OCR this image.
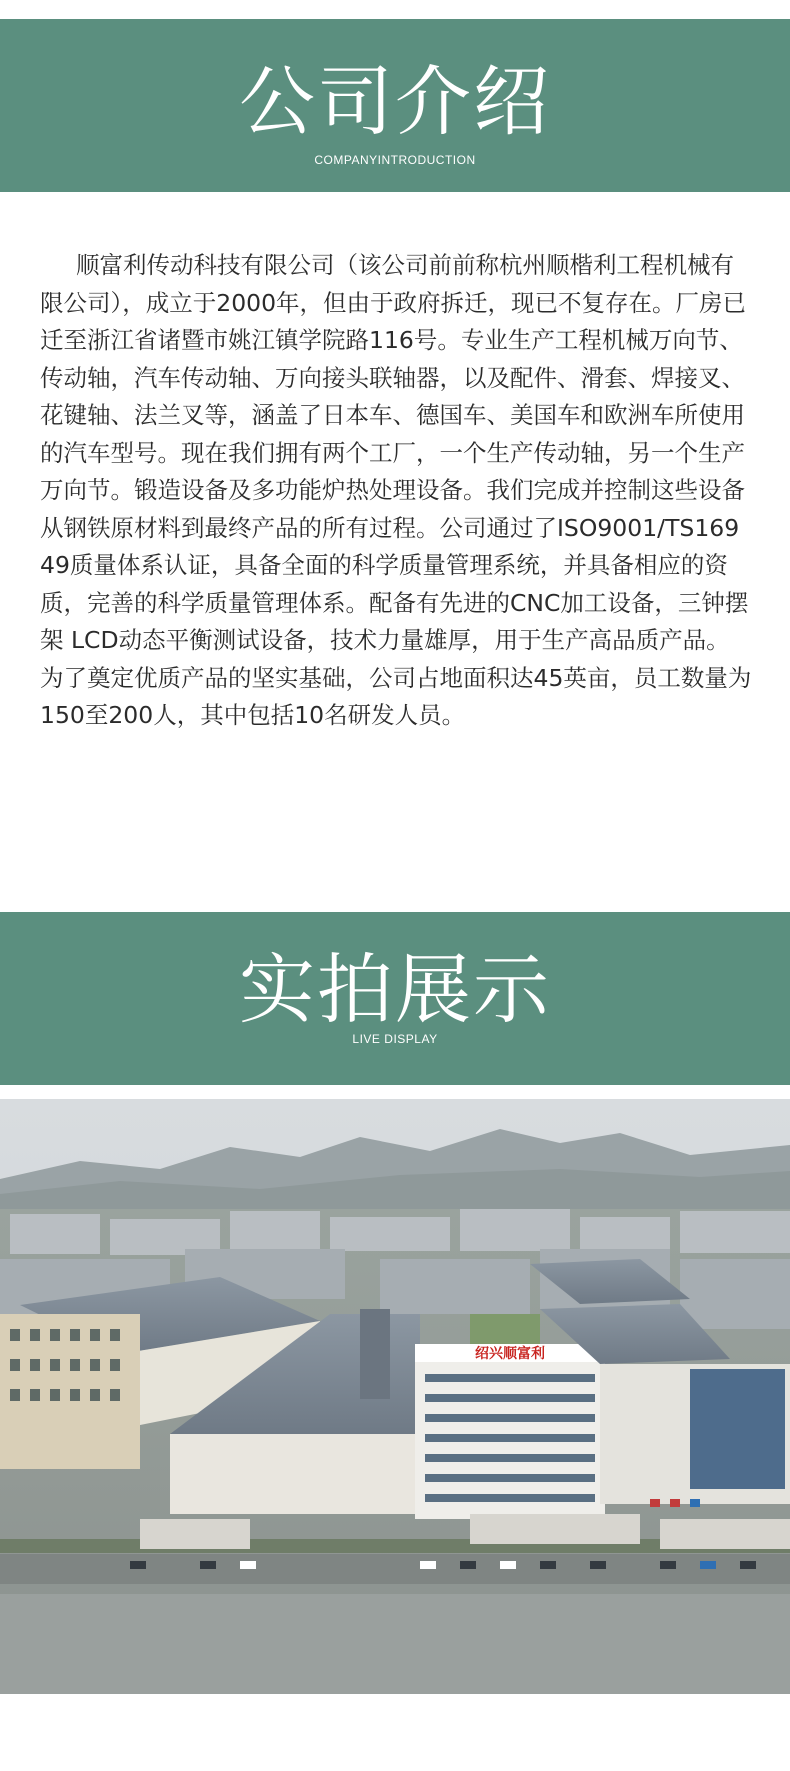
公司介绍
COMPANYINTRODUCTION

顺富利传动科技有限公司（该公司前前称杭州顺楷利工程机械有限公司），成立于2000年，但由于政府拆迁，现已不复存在。厂房已迁至浙江省诸暨市姚江镇学院路116号。专业生产工程机械万向节、传动轴，汽车传动轴、万向接头联轴器，以及配件、滑套、焊接叉、花键轴、法兰叉等，涵盖了日本车、德国车、美国车和欧洲车所使用的汽车型号。现在我们拥有两个工厂，一个生产传动轴，另一个生产万向节。锻造设备及多功能炉热处理设备。我们完成并控制这些设备从钢铁原材料到最终产品的所有过程。公司通过了ISO9001/TS16949质量体系认证，具备全面的科学质量管理系统，并具备相应的资质，完善的科学质量管理体系。配备有先进的CNC加工设备，三钟摆架 LCD动态平衡测试设备，技术力量雄厚，用于生产高品质产品。为了奠定优质产品的坚实基础，公司占地面积达45英亩，员工数量为150至200人，其中包括10名研发人员。

实拍展示
LIVE DISPLAY
绍兴顺富利
